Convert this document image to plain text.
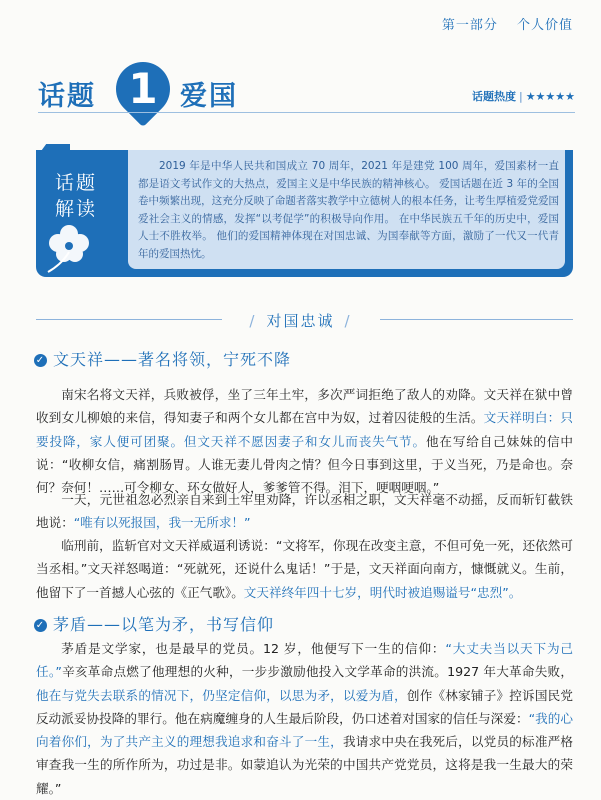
第一部分 个人价值
话题 1 爱国	话题热度 | ★★★★★
话题
解读
2019 年是中华人民共和国成立 70 周年，2021 年是建党 100 周年，爱国素材一直都是语文考试作文的大热点，爱国主义是中华民族的精神核心。 爱国话题在近 3 年的全国卷中频繁出现，这充分反映了命题者落实教学中立德树人的根本任务，让考生厚植爱党爱国爱社会主义的情感，发挥“以考促学”的积极导向作用。 在中华民族五千年的历史中，爱国人士不胜枚举。 他们的爱国精神体现在对国忠诚、为国奉献等方面，激励了一代又一代青年的爱国热忱。
/ 对国忠诚 /
✓ 文天祥——著名将领，宁死不降
南宋名将文天祥，兵败被俘，坐了三年土牢，多次严词拒绝了敌人的劝降。文天祥在狱中曾收到女儿柳娘的来信，得知妻子和两个女儿都在宫中为奴，过着囚徒般的生活。文天祥明白：只要投降，家人便可团聚。但文天祥不愿因妻子和女儿而丧失气节。他在写给自己妹妹的信中说：“收柳女信，痛割肠胃。人谁无妻儿骨肉之情？但今日事到这里，于义当死，乃是命也。奈何？奈何！……可令柳女、环女做好人，爹爹管不得。泪下，哽咽哽咽。”
一天，元世祖忽必烈亲自来到土牢里劝降，许以丞相之职，文天祥毫不动摇，反而斩钉截铁地说：“唯有以死报国，我一无所求！”
临刑前，监斩官对文天祥威逼利诱说：“文将军，你现在改变主意，不但可免一死，还依然可当丞相。”文天祥怒喝道：“死就死，还说什么鬼话！”于是，文天祥面向南方，慷慨就义。生前，他留下了一首撼人心弦的《正气歌》。文天祥终年四十七岁，明代时被追赐谥号“忠烈”。
✓ 茅盾——以笔为矛，书写信仰
茅盾是文学家，也是最早的党员。12 岁，他便写下一生的信仰：“大丈夫当以天下为己任。”辛亥革命点燃了他理想的火种，一步步激励他投入文学革命的洪流。1927 年大革命失败，他在与党失去联系的情况下，仍坚定信仰，以思为矛，以爱为盾，创作《林家铺子》控诉国民党反动派妥协投降的罪行。他在病魔缠身的人生最后阶段，仍口述着对国家的信任与深爱：“我的心向着你们，为了共产主义的理想我追求和奋斗了一生，我请求中央在我死后，以党员的标准严格审查我一生的所作所为，功过是非。如蒙追认为光荣的中国共产党党员，这将是我一生最大的荣耀。”
